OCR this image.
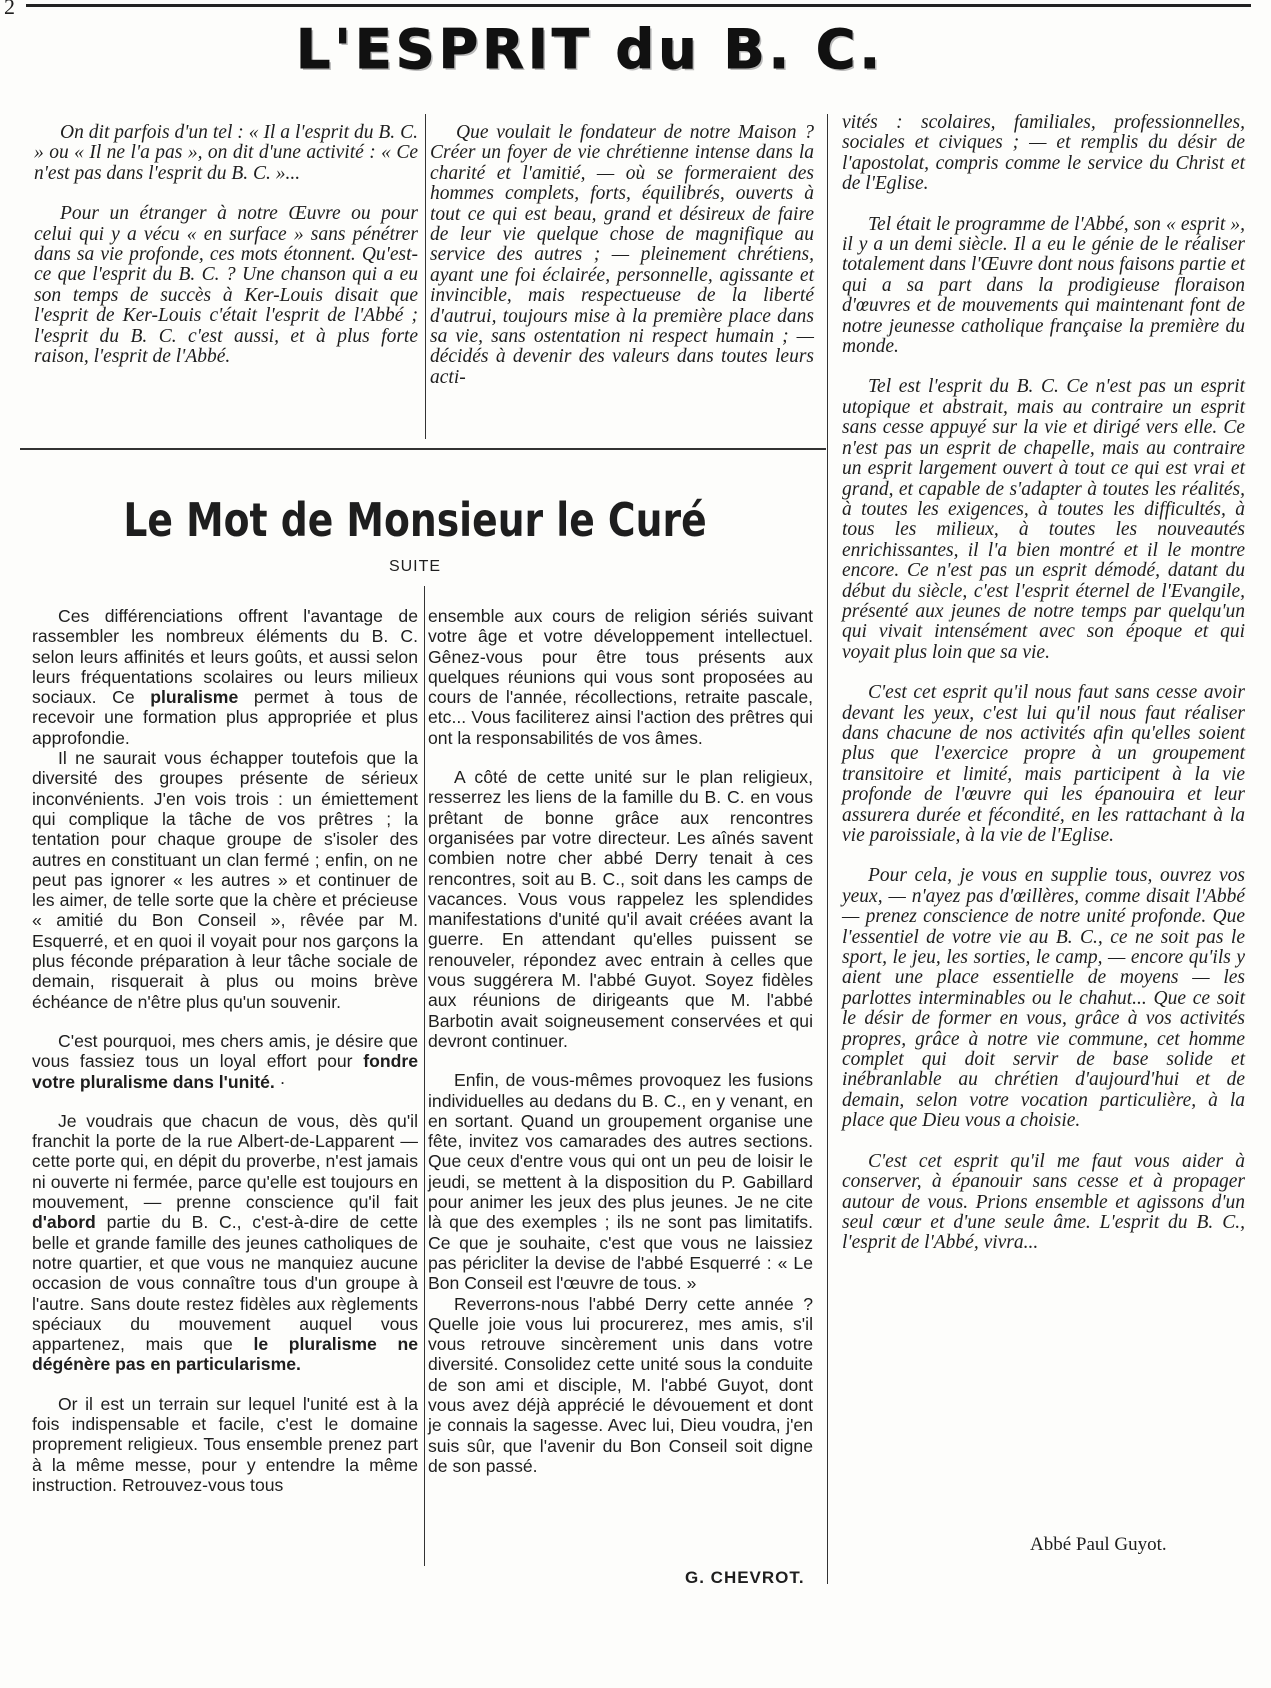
2
L'ESPRIT du B. C.

On dit parfois d'un tel : « Il a l'esprit du B. C. » ou « Il ne l'a pas », on dit d'une activité : « Ce n'est pas dans l'esprit du B. C. »...

Pour un étranger à notre Œuvre ou pour celui qui y a vécu « en surface » sans pénétrer dans sa vie profonde, ces mots étonnent. Qu'est-ce que l'esprit du B. C. ? Une chanson qui a eu son temps de succès à Ker-Louis disait que l'esprit de Ker-Louis c'était l'esprit de l'Abbé ; l'esprit du B. C. c'est aussi, et à plus forte raison, l'esprit de l'Abbé.

Que voulait le fondateur de notre Maison ? Créer un foyer de vie chrétienne intense dans la charité et l'amitié, — où se formeraient des hommes complets, forts, équilibrés, ouverts à tout ce qui est beau, grand et désireux de faire de leur vie quelque chose de magnifique au service des autres ; — pleinement chrétiens, ayant une foi éclairée, personnelle, agissante et invincible, mais respectueuse de la liberté d'autrui, toujours mise à la première place dans sa vie, sans ostentation ni respect humain ; — décidés à devenir des valeurs dans toutes leurs acti-

vités : scolaires, familiales, professionnelles, sociales et civiques ; — et remplis du désir de l'apostolat, compris comme le service du Christ et de l'Eglise.

Tel était le programme de l'Abbé, son « esprit », il y a un demi siècle. Il a eu le génie de le réaliser totalement dans l'Œuvre dont nous faisons partie et qui a sa part dans la prodigieuse floraison d'œuvres et de mouvements qui maintenant font de notre jeunesse catholique française la première du monde.

Tel est l'esprit du B. C. Ce n'est pas un esprit utopique et abstrait, mais au contraire un esprit sans cesse appuyé sur la vie et dirigé vers elle. Ce n'est pas un esprit de chapelle, mais au contraire un esprit largement ouvert à tout ce qui est vrai et grand, et capable de s'adapter à toutes les réalités, à toutes les exigences, à toutes les difficultés, à tous les milieux, à toutes les nouveautés enrichissantes, il l'a bien montré et il le montre encore. Ce n'est pas un esprit démodé, datant du début du siècle, c'est l'esprit éternel de l'Evangile, présenté aux jeunes de notre temps par quelqu'un qui vivait intensément avec son époque et qui voyait plus loin que sa vie.

C'est cet esprit qu'il nous faut sans cesse avoir devant les yeux, c'est lui qu'il nous faut réaliser dans chacune de nos activités afin qu'elles soient plus que l'exercice propre à un groupement transitoire et limité, mais participent à la vie profonde de l'œuvre qui les épanouira et leur assurera durée et fécondité, en les rattachant à la vie paroissiale, à la vie de l'Eglise.

Pour cela, je vous en supplie tous, ouvrez vos yeux, — n'ayez pas d'œillères, comme disait l'Abbé — prenez conscience de notre unité profonde. Que l'essentiel de votre vie au B. C., ce ne soit pas le sport, le jeu, les sorties, le camp, — encore qu'ils y aient une place essentielle de moyens — les parlottes interminables ou le chahut... Que ce soit le désir de former en vous, grâce à vos activités propres, grâce à notre vie commune, cet homme complet qui doit servir de base solide et inébranlable au chrétien d'aujourd'hui et de demain, selon votre vocation particulière, à la place que Dieu vous a choisie.

C'est cet esprit qu'il me faut vous aider à conserver, à épanouir sans cesse et à propager autour de vous. Prions ensemble et agissons d'un seul cœur et d'une seule âme. L'esprit du B. C., l'esprit de l'Abbé, vivra...

Abbé Paul Guyot.
Le Mot de Monsieur le Curé
SUITE

Ces différenciations offrent l'avantage de rassembler les nombreux éléments du B. C. selon leurs affinités et leurs goûts, et aussi selon leurs fréquentations scolaires ou leurs milieux sociaux. Ce pluralisme permet à tous de recevoir une formation plus appropriée et plus approfondie.

Il ne saurait vous échapper toutefois que la diversité des groupes présente de sérieux inconvénients. J'en vois trois : un émiettement qui complique la tâche de vos prêtres ; la tentation pour chaque groupe de s'isoler des autres en constituant un clan fermé ; enfin, on ne peut pas ignorer « les autres » et continuer de les aimer, de telle sorte que la chère et précieuse « amitié du Bon Conseil », rêvée par M. Esquerré, et en quoi il voyait pour nos garçons la plus féconde préparation à leur tâche sociale de demain, risquerait à plus ou moins brève échéance de n'être plus qu'un souvenir.

C'est pourquoi, mes chers amis, je désire que vous fassiez tous un loyal effort pour fondre votre pluralisme dans l'unité. ·

Je voudrais que chacun de vous, dès qu'il franchit la porte de la rue Albert-de-Lapparent — cette porte qui, en dépit du proverbe, n'est jamais ni ouverte ni fermée, parce qu'elle est toujours en mouvement, — prenne conscience qu'il fait d'abord partie du B. C., c'est-à-dire de cette belle et grande famille des jeunes catholiques de notre quartier, et que vous ne manquiez aucune occasion de vous connaître tous d'un groupe à l'autre. Sans doute restez fidèles aux règlements spéciaux du mouvement auquel vous appartenez, mais que le pluralisme ne dégénère pas en particularisme.

Or il est un terrain sur lequel l'unité est à la fois indispensable et facile, c'est le domaine proprement religieux. Tous ensemble prenez part à la même messe, pour y entendre la même instruction. Retrouvez-vous tous

ensemble aux cours de religion sériés suivant votre âge et votre développement intellectuel. Gênez-vous pour être tous présents aux quelques réunions qui vous sont proposées au cours de l'année, récollections, retraite pascale, etc... Vous faciliterez ainsi l'action des prêtres qui ont la responsabilités de vos âmes.

A côté de cette unité sur le plan religieux, resserrez les liens de la famille du B. C. en vous prêtant de bonne grâce aux rencontres organisées par votre directeur. Les aînés savent combien notre cher abbé Derry tenait à ces rencontres, soit au B. C., soit dans les camps de vacances. Vous vous rappelez les splendides manifestations d'unité qu'il avait créées avant la guerre. En attendant qu'elles puissent se renouveler, répondez avec entrain à celles que vous suggérera M. l'abbé Guyot. Soyez fidèles aux réunions de dirigeants que M. l'abbé Barbotin avait soigneusement conservées et qui devront continuer.

Enfin, de vous-mêmes provoquez les fusions individuelles au dedans du B. C., en y venant, en en sortant. Quand un groupement organise une fête, invitez vos camarades des autres sections. Que ceux d'entre vous qui ont un peu de loisir le jeudi, se mettent à la disposition du P. Gabillard pour animer les jeux des plus jeunes. Je ne cite là que des exemples ; ils ne sont pas limitatifs. Ce que je souhaite, c'est que vous ne laissiez pas péricliter la devise de l'abbé Esquerré : « Le Bon Conseil est l'œuvre de tous. »

Reverrons-nous l'abbé Derry cette année ? Quelle joie vous lui procurerez, mes amis, s'il vous retrouve sincèrement unis dans votre diversité. Consolidez cette unité sous la conduite de son ami et disciple, M. l'abbé Guyot, dont vous avez déjà apprécié le dévouement et dont je connais la sagesse. Avec lui, Dieu voudra, j'en suis sûr, que l'avenir du Bon Conseil soit digne de son passé.

G. CHEVROT.
